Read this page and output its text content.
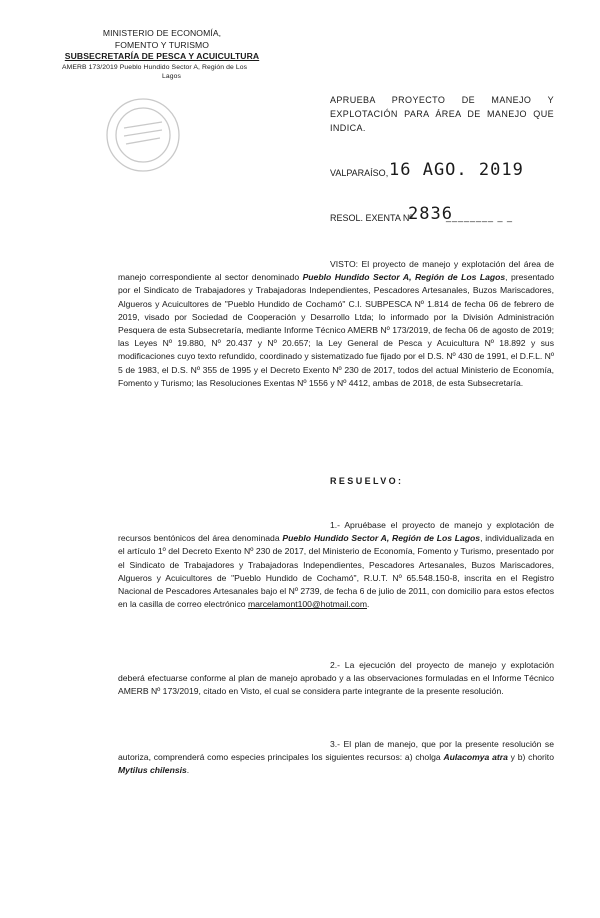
MINISTERIO DE ECONOMÍA,
FOMENTO Y TURISMO
SUBSECRETARÍA DE PESCA Y ACUICULTURA
AMERB 173/2019 Pueblo Hundido Sector A, Región de Los
Lagos
APRUEBA PROYECTO DE MANEJO Y EXPLOTACIÓN PARA ÁREA DE MANEJO QUE INDICA.
VALPARAÍSO, 16 AGO. 2019
RESOL. EXENTA Nº
2836
________ _ _
VISTO: El proyecto de manejo y explotación del área de manejo correspondiente al sector denominado Pueblo Hundido Sector A, Región de Los Lagos, presentado por el Sindicato de Trabajadores y Trabajadoras Independientes, Pescadores Artesanales, Buzos Mariscadores, Algueros y Acuicultores de "Pueblo Hundido de Cochamó" C.I. SUBPESCA Nº 1.814 de fecha 06 de febrero de 2019, visado por Sociedad de Cooperación y Desarrollo Ltda; lo informado por la División Administración Pesquera de esta Subsecretaría, mediante Informe Técnico AMERB Nº 173/2019, de fecha 06 de agosto de 2019; las Leyes Nº 19.880, Nº 20.437 y Nº 20.657; la Ley General de Pesca y Acuicultura Nº 18.892 y sus modificaciones cuyo texto refundido, coordinado y sistematizado fue fijado por el D.S. Nº 430 de 1991, el D.F.L. Nº 5 de 1983, el D.S. Nº 355 de 1995 y el Decreto Exento Nº 230 de 2017, todos del actual Ministerio de Economía, Fomento y Turismo; las Resoluciones Exentas Nº 1556 y Nº 4412, ambas de 2018, de esta Subsecretaría.
RESUELVO:
1.- Apruébase el proyecto de manejo y explotación de recursos bentónicos del área denominada Pueblo Hundido Sector A, Región de Los Lagos, individualizada en el artículo 1º del Decreto Exento Nº 230 de 2017, del Ministerio de Economía, Fomento y Turismo, presentado por el Sindicato de Trabajadores y Trabajadoras Independientes, Pescadores Artesanales, Buzos Mariscadores, Algueros y Acuicultores de "Pueblo Hundido de Cochamó", R.U.T. Nº 65.548.150-8, inscrita en el Registro Nacional de Pescadores Artesanales bajo el Nº 2739, de fecha 6 de julio de 2011, con domicilio para estos efectos en la casilla de correo electrónico marcelamont100@hotmail.com.
2.- La ejecución del proyecto de manejo y explotación deberá efectuarse conforme al plan de manejo aprobado y a las observaciones formuladas en el Informe Técnico AMERB Nº 173/2019, citado en Visto, el cual se considera parte integrante de la presente resolución.
3.- El plan de manejo, que por la presente resolución se autoriza, comprenderá como especies principales los siguientes recursos: a) cholga Aulacomya atra y b) chorito Mytilus chilensis.
